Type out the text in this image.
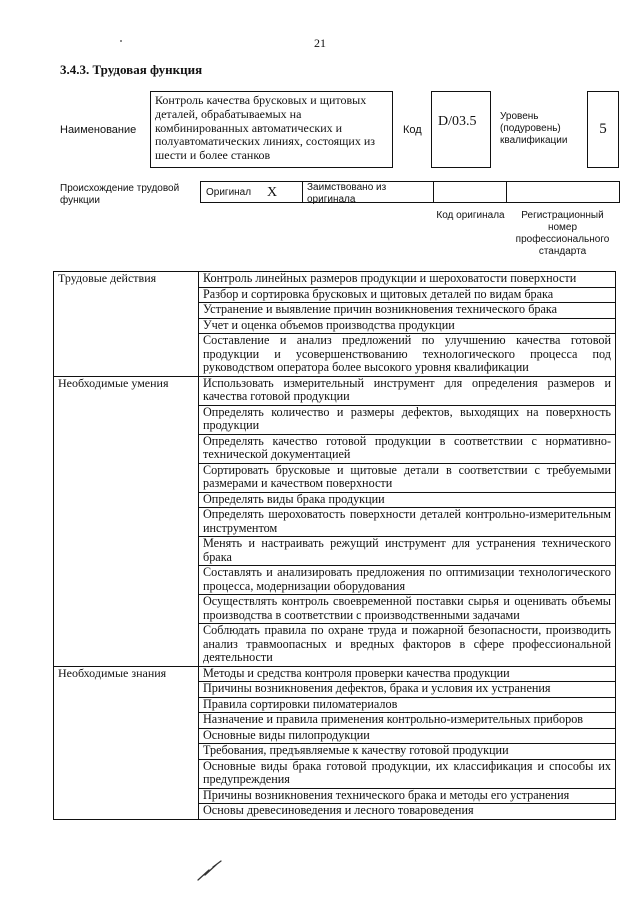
21
3.4.3. Трудовая функция
Наименование
Контроль качества брусковых и щитовых деталей, обрабатываемых на комбинированных автоматических и полуавтоматических линиях, состоящих из шести и более станков
Код
D/03.5	Уровень (подуровень) квалификации
5
Происхождение трудовой функции
Оригинал X	Заимствовано из оригинала
Код оригинала	Регистрационный номер профессионального стандарта
Трудовые действия	Контроль линейных размеров продукции и шероховатости поверхности
	Разбор и сортировка брусковых и щитовых деталей по видам брака
	Устранение и выявление причин возникновения технического брака
	Учет и оценка объемов производства продукции
	Составление и анализ предложений по улучшению качества готовой продукции и усовершенствованию технологического процесса под руководством оператора более высокого уровня квалификации
Необходимые умения	Использовать измерительный инструмент для определения размеров и качества готовой продукции
	Определять количество и размеры дефектов, выходящих на поверхность продукции
	Определять качество готовой продукции в соответствии с нормативно-технической документацией
	Сортировать брусковые и щитовые детали в соответствии с требуемыми размерами и качеством поверхности
	Определять виды брака продукции
	Определять шероховатость поверхности деталей контрольно-измерительным инструментом
	Менять и настраивать режущий инструмент для устранения технического брака
	Составлять и анализировать предложения по оптимизации технологического процесса, модернизации оборудования
	Осуществлять контроль своевременной поставки сырья и оценивать объемы производства в соответствии с производственными задачами
	Соблюдать правила по охране труда и пожарной безопасности, производить анализ травмоопасных и вредных факторов в сфере профессиональной деятельности
Необходимые знания	Методы и средства контроля проверки качества продукции
	Причины возникновения дефектов, брака и условия их устранения
	Правила сортировки пиломатериалов
	Назначение и правила применения контрольно-измерительных приборов
	Основные виды пилопродукции
	Требования, предъявляемые к качеству готовой продукции
	Основные виды брака готовой продукции, их классификация и способы их предупреждения
	Причины возникновения технического брака и методы его устранения
	Основы древесиноведения и лесного товароведения
